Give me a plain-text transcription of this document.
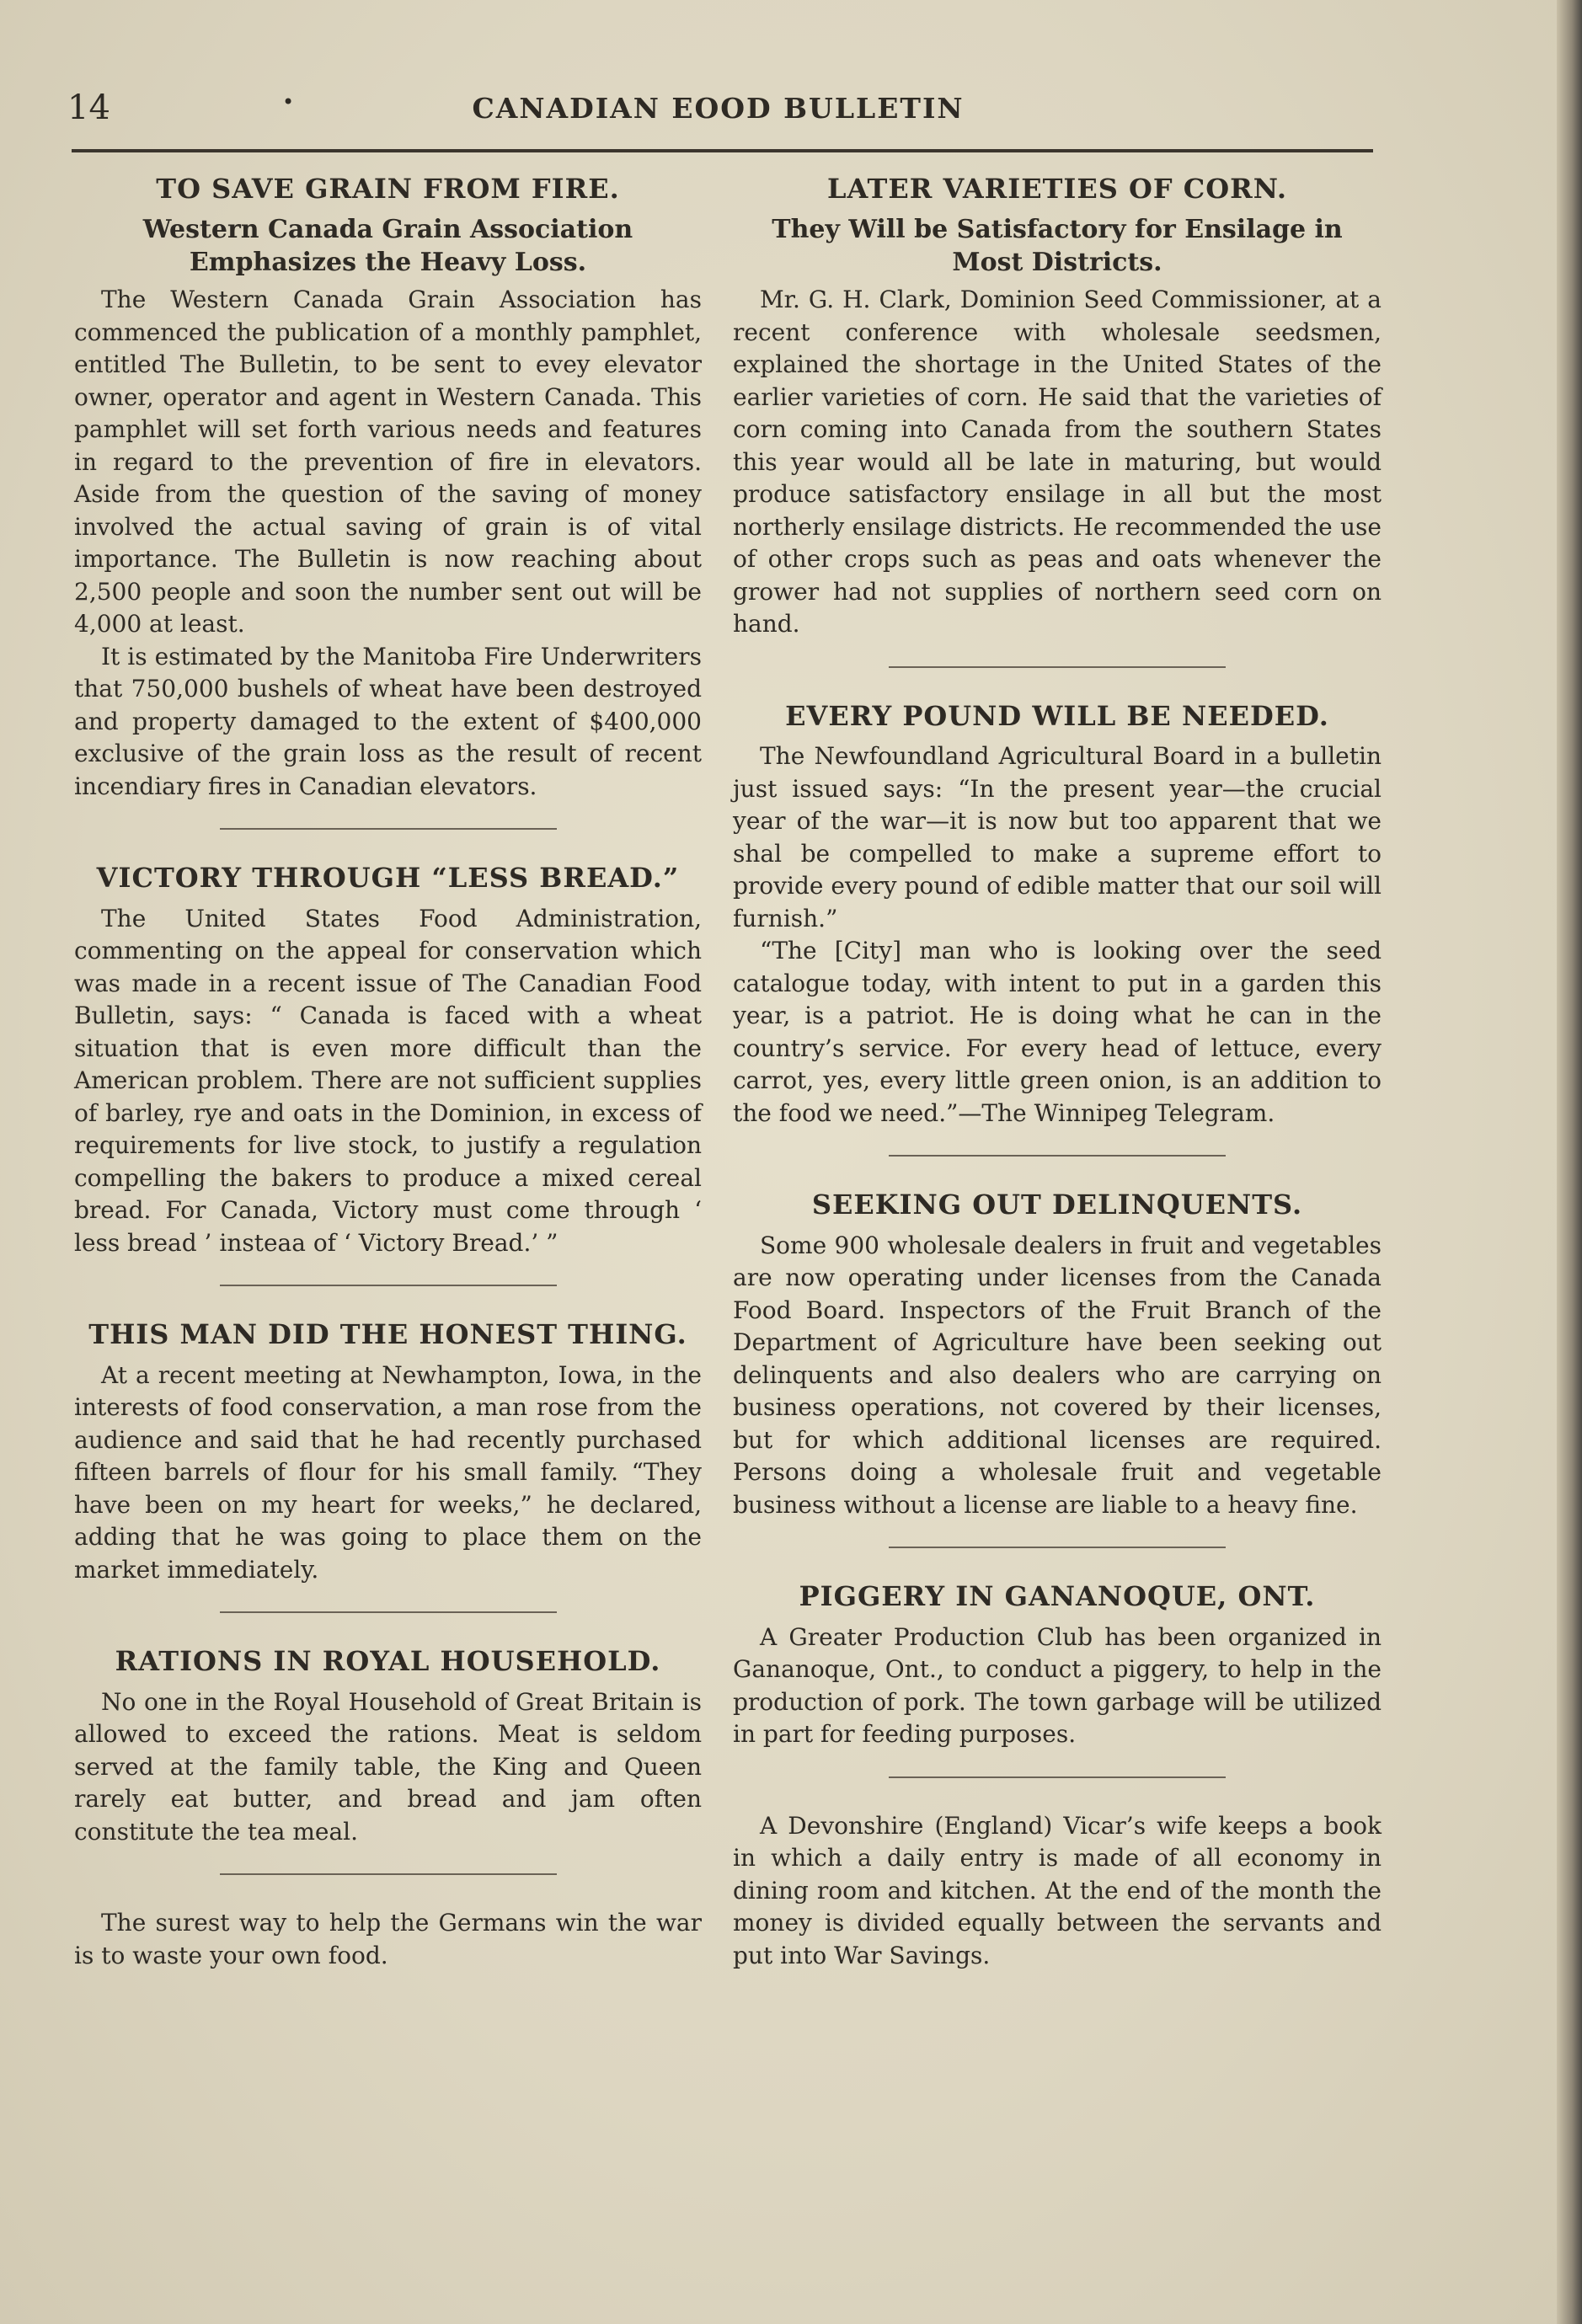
14	•	CANADIAN EOOD BULLETIN
TO SAVE GRAIN FROM FIRE.
Western Canada Grain Association Emphasizes the Heavy Loss.

The Western Canada Grain Association has commenced the publication of a monthly pamphlet, entitled The Bulletin, to be sent to evey elevator owner, operator and agent in Western Canada. This pamphlet will set forth various needs and features in regard to the prevention of fire in elevators. Aside from the question of the saving of money involved the actual saving of grain is of vital importance. The Bulletin is now reaching about 2,500 people and soon the number sent out will be 4,000 at least.

It is estimated by the Manitoba Fire Underwriters that 750,000 bushels of wheat have been destroyed and property damaged to the extent of $400,000 exclusive of the grain loss as the result of recent incendiary fires in Canadian elevators.

VICTORY THROUGH “LESS BREAD.”

The United States Food Administration, commenting on the appeal for conservation which was made in a recent issue of The Canadian Food Bulletin, says: “ Canada is faced with a wheat situation that is even more difficult than the American problem. There are not sufficient supplies of barley, rye and oats in the Dominion, in excess of requirements for live stock, to justify a regulation compelling the bakers to produce a mixed cereal bread. For Canada, Victory must come through ‘ less bread ’ insteaa of ‘ Victory Bread.’ ”

THIS MAN DID THE HONEST THING.

At a recent meeting at Newhampton, Iowa, in the interests of food conservation, a man rose from the audience and said that he had recently purchased fifteen barrels of flour for his small family. “They have been on my heart for weeks,” he declared, adding that he was going to place them on the market immediately.

RATIONS IN ROYAL HOUSEHOLD.

No one in the Royal Household of Great Britain is allowed to exceed the rations. Meat is seldom served at the family table, the King and Queen rarely eat butter, and bread and jam often constitute the tea meal.

The surest way to help the Germans win the war is to waste your own food.

LATER VARIETIES OF CORN.
They Will be Satisfactory for Ensilage in Most Districts.

Mr. G. H. Clark, Dominion Seed Commissioner, at a recent conference with wholesale seedsmen, explained the shortage in the United States of the earlier varieties of corn. He said that the varieties of corn coming into Canada from the southern States this year would all be late in maturing, but would produce satisfactory ensilage in all but the most northerly ensilage districts. He recommended the use of other crops such as peas and oats whenever the grower had not supplies of northern seed corn on hand.

EVERY POUND WILL BE NEEDED.

The Newfoundland Agricultural Board in a bulletin just issued says: “In the present year—the crucial year of the war—it is now but too apparent that we shal be compelled to make a supreme effort to provide every pound of edible matter that our soil will furnish.”

“The [City] man who is looking over the seed catalogue today, with intent to put in a garden this year, is a patriot. He is doing what he can in the country’s service. For every head of lettuce, every carrot, yes, every little green onion, is an addition to the food we need.”—The Winnipeg Telegram.

SEEKING OUT DELINQUENTS.

Some 900 wholesale dealers in fruit and vegetables are now operating under licenses from the Canada Food Board. Inspectors of the Fruit Branch of the Department of Agriculture have been seeking out delinquents and also dealers who are carrying on business operations, not covered by their licenses, but for which additional licenses are required. Persons doing a wholesale fruit and vegetable business without a license are liable to a heavy fine.

PIGGERY IN GANANOQUE, ONT.

A Greater Production Club has been organized in Gananoque, Ont., to conduct a piggery, to help in the production of pork. The town garbage will be utilized in part for feeding purposes.

A Devonshire (England) Vicar’s wife keeps a book in which a daily entry is made of all economy in dining room and kitchen. At the end of the month the money is divided equally between the servants and put into War Savings.
